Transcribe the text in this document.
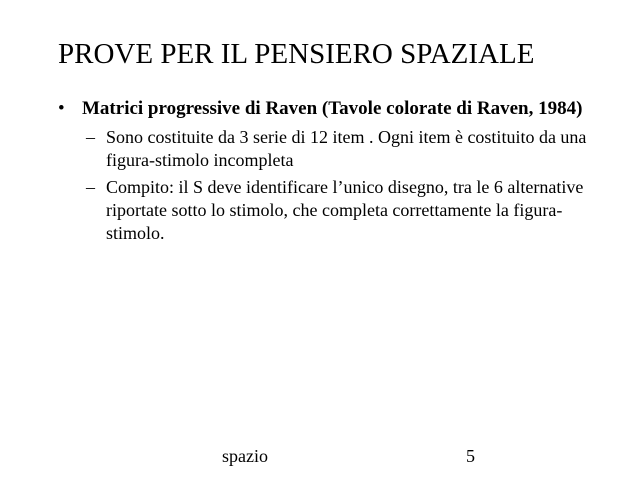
PROVE PER IL PENSIERO SPAZIALE
• Matrici progressive di Raven (Tavole colorate di Raven, 1984)
– Sono costituite da 3 serie di 12 item . Ogni item è costituito da una figura-stimolo incompleta
– Compito: il S deve identificare l’unico disegno, tra le 6 alternative riportate sotto lo stimolo, che completa correttamente la figura-stimolo.
spazio	5
